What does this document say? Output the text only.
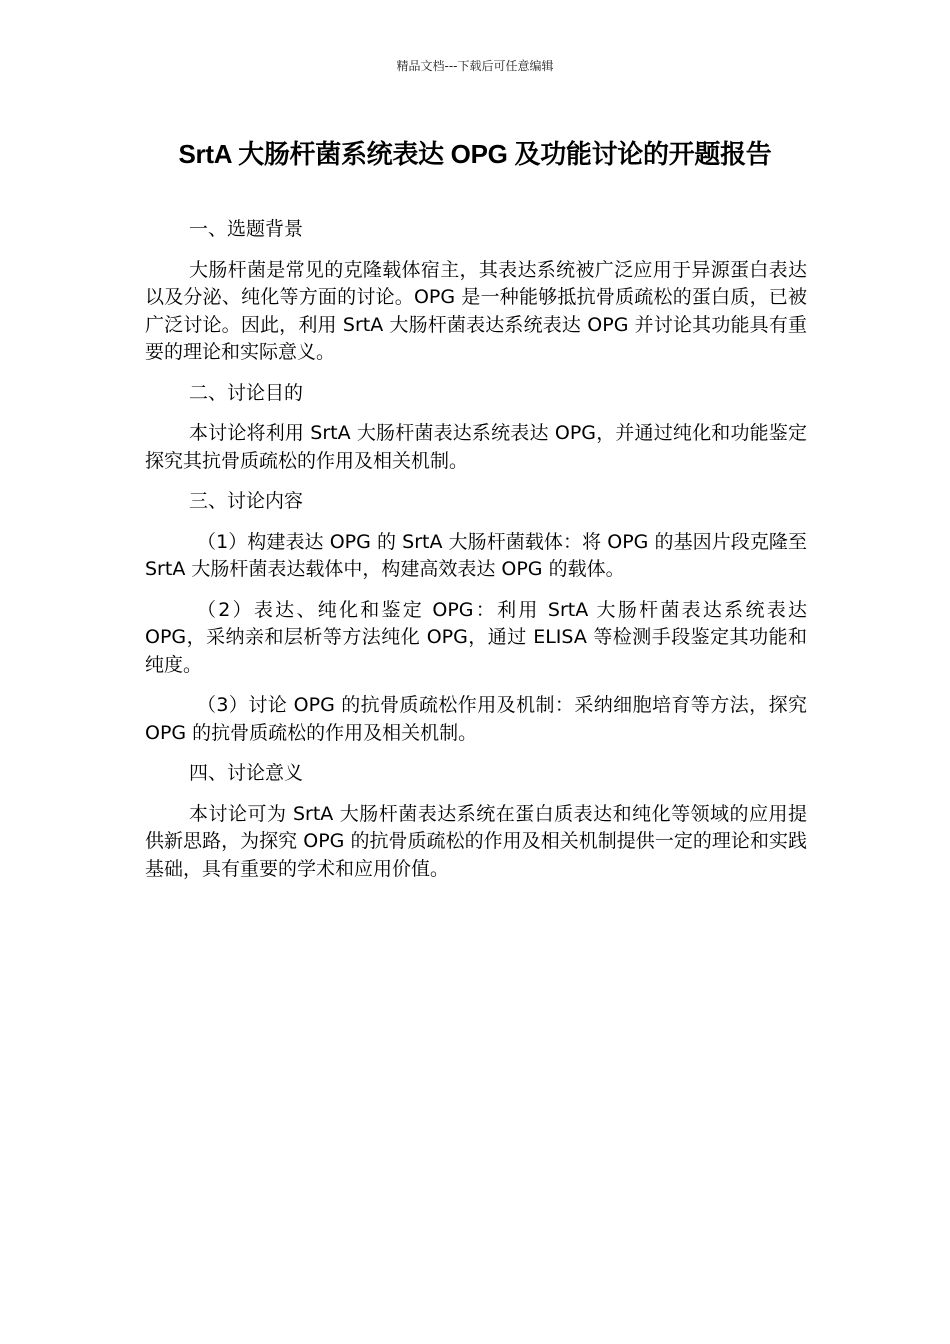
精品文档---下载后可任意编辑
SrtA 大肠杆菌系统表达 OPG 及功能讨论的开题报告
一、选题背景
大肠杆菌是常见的克隆载体宿主，其表达系统被广泛应用于异源蛋白表达以及分泌、纯化等方面的讨论。OPG 是一种能够抵抗骨质疏松的蛋白质，已被广泛讨论。因此，利用 SrtA 大肠杆菌表达系统表达 OPG 并讨论其功能具有重要的理论和实际意义。
二、讨论目的
本讨论将利用 SrtA 大肠杆菌表达系统表达 OPG，并通过纯化和功能鉴定探究其抗骨质疏松的作用及相关机制。
三、讨论内容
（1）构建表达 OPG 的 SrtA 大肠杆菌载体：将 OPG 的基因片段克隆至 SrtA 大肠杆菌表达载体中，构建高效表达 OPG 的载体。
（2）表达、纯化和鉴定 OPG：利用 SrtA 大肠杆菌表达系统表达 OPG，采纳亲和层析等方法纯化 OPG，通过 ELISA 等检测手段鉴定其功能和纯度。
（3）讨论 OPG 的抗骨质疏松作用及机制：采纳细胞培育等方法，探究 OPG 的抗骨质疏松的作用及相关机制。
四、讨论意义
本讨论可为 SrtA 大肠杆菌表达系统在蛋白质表达和纯化等领域的应用提供新思路，为探究 OPG 的抗骨质疏松的作用及相关机制提供一定的理论和实践基础，具有重要的学术和应用价值。
